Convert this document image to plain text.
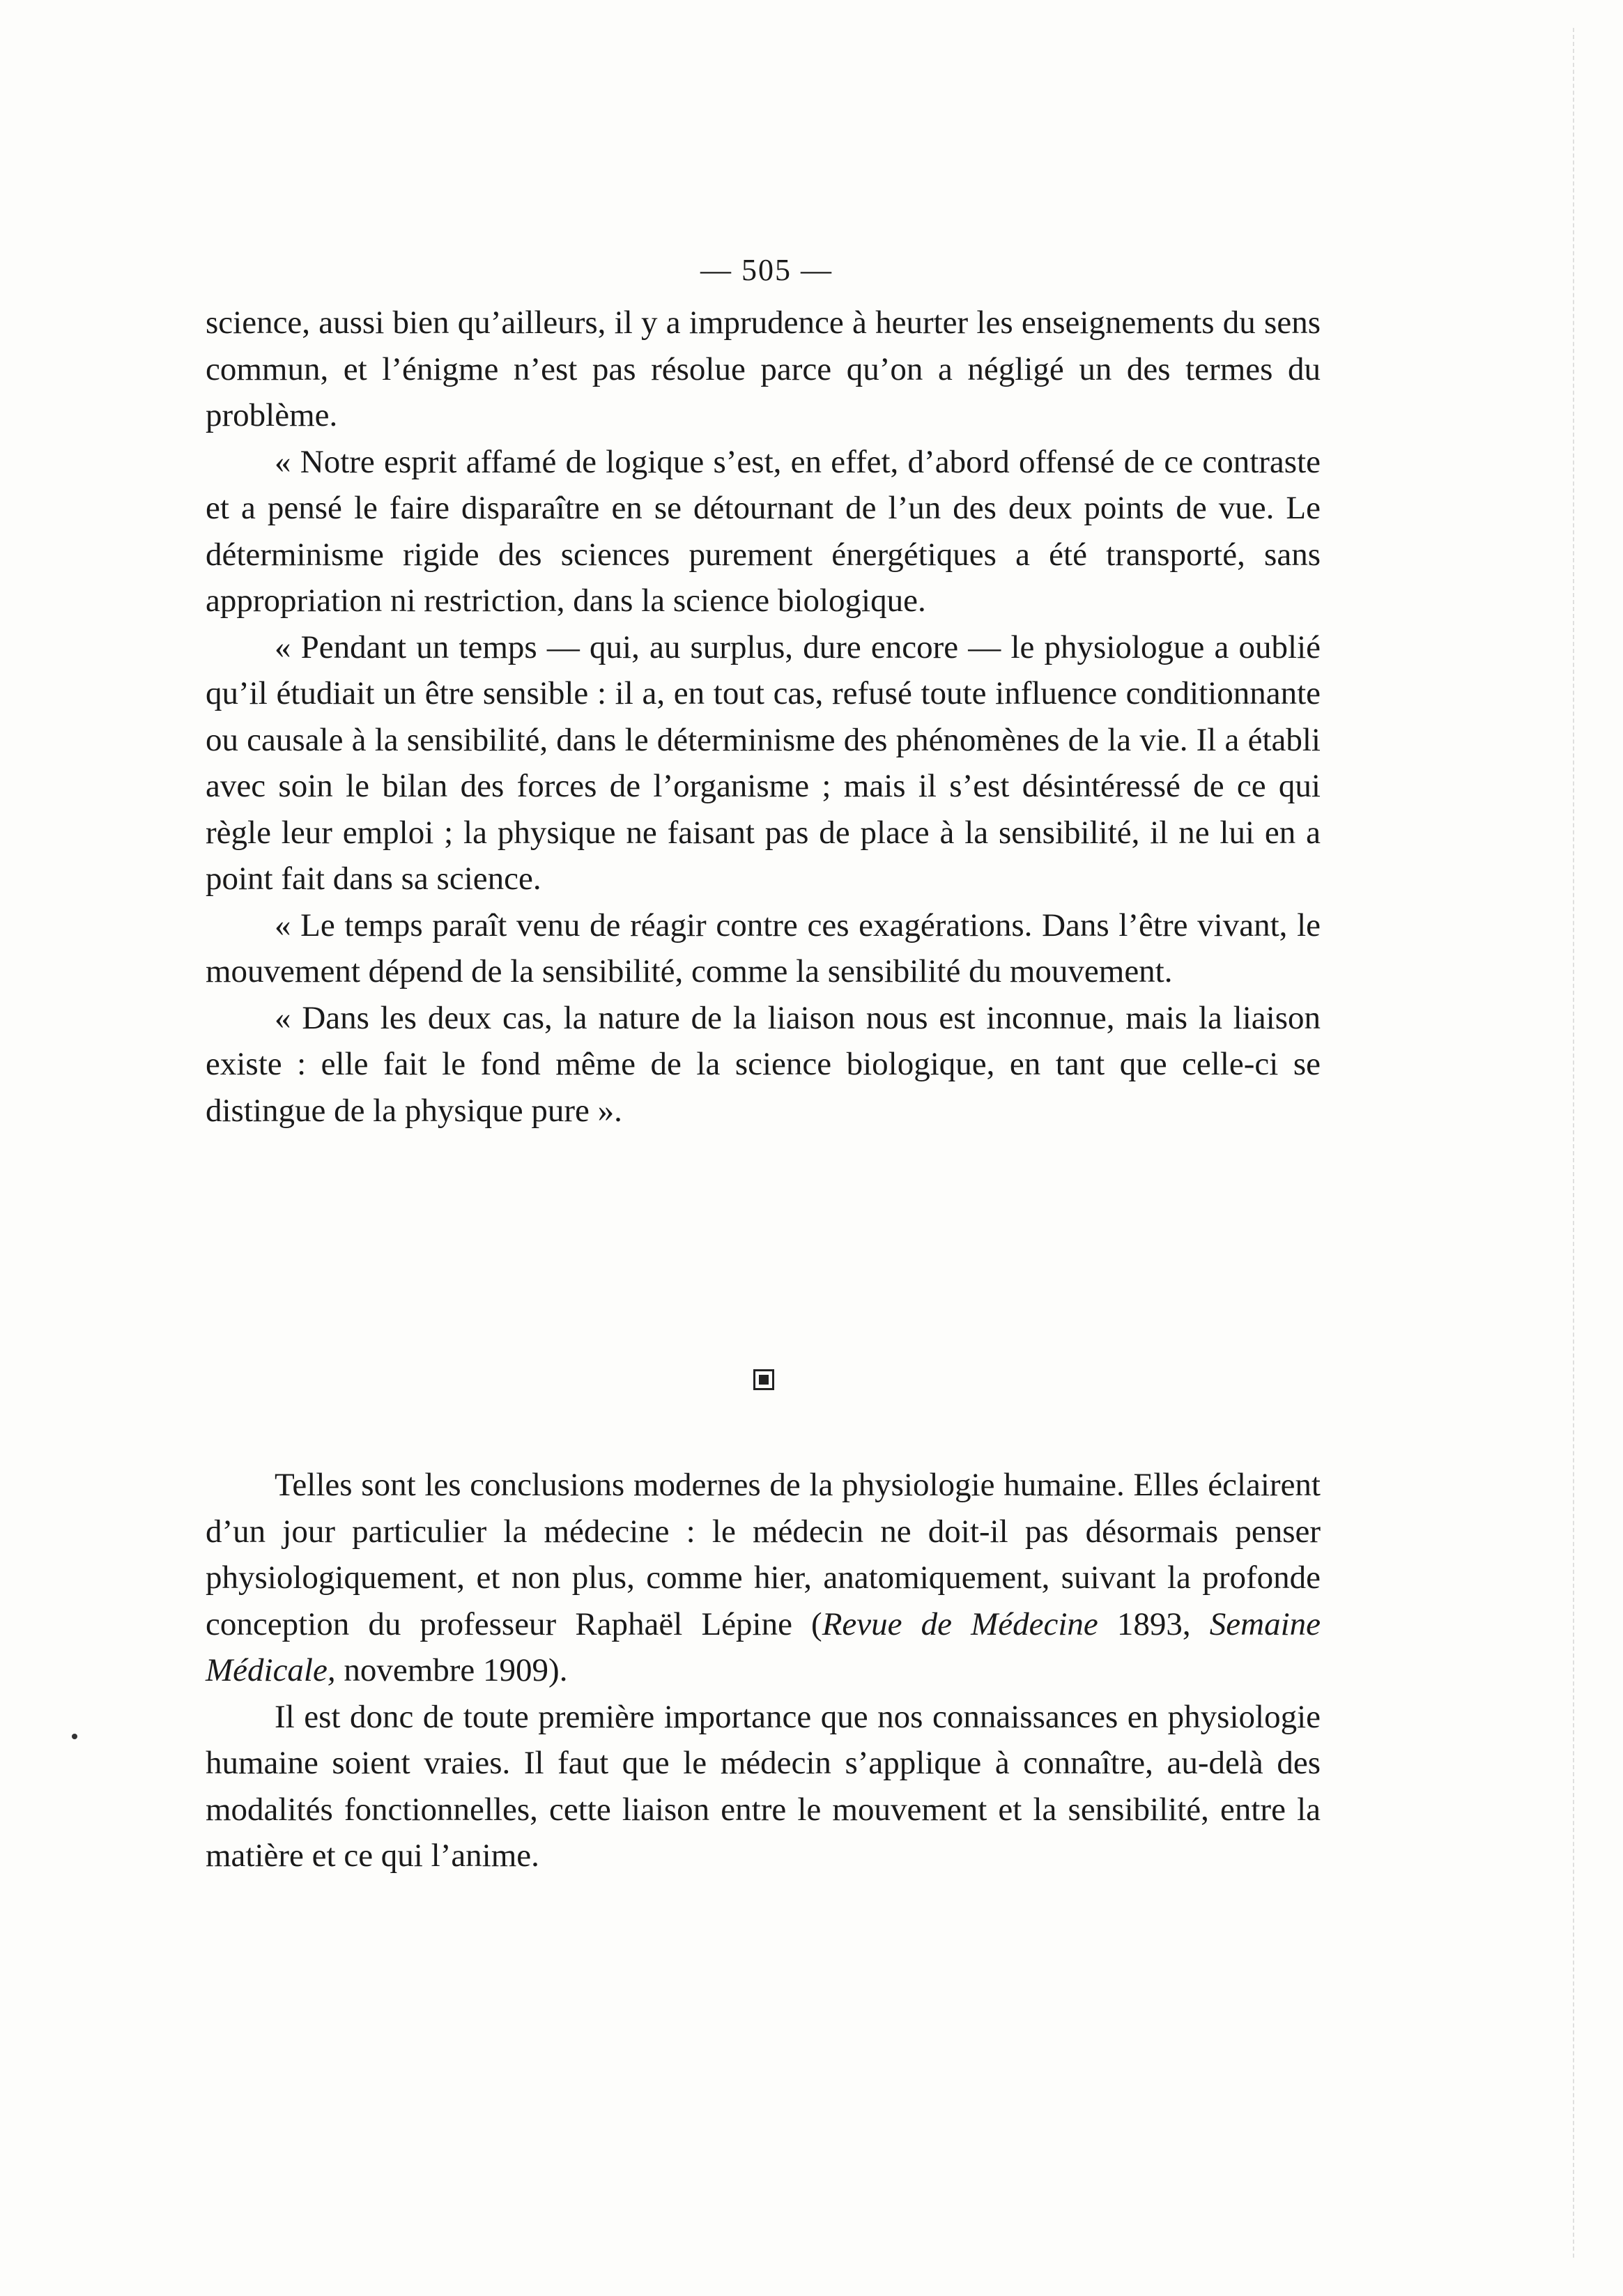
— 505 —

science, aussi bien qu’ailleurs, il y a imprudence à heurter les enseignements du sens commun, et l’énigme n’est pas résolue parce qu’on a négligé un des termes du problème.

« Notre esprit affamé de logique s’est, en effet, d’abord offensé de ce contraste et a pensé le faire disparaître en se détournant de l’un des deux points de vue. Le déterminisme rigide des sciences purement énergétiques a été transporté, sans appropriation ni restriction, dans la science biologique.

« Pendant un temps — qui, au surplus, dure encore — le physiologue a oublié qu’il étudiait un être sensible : il a, en tout cas, refusé toute influence conditionnante ou causale à la sensibilité, dans le déterminisme des phénomènes de la vie. Il a établi avec soin le bilan des forces de l’organisme ; mais il s’est désintéressé de ce qui règle leur emploi ; la physique ne faisant pas de place à la sensibilité, il ne lui en a point fait dans sa science.

« Le temps paraît venu de réagir contre ces exagérations. Dans l’être vivant, le mouvement dépend de la sensibilité, comme la sensibilité du mouvement.

« Dans les deux cas, la nature de la liaison nous est inconnue, mais la liaison existe : elle fait le fond même de la science biologique, en tant que celle-ci se distingue de la physique pure ».

Telles sont les conclusions modernes de la physiologie humaine. Elles éclairent d’un jour particulier la médecine : le médecin ne doit-il pas désormais penser physiologiquement, et non plus, comme hier, anatomiquement, suivant la profonde conception du professeur Raphaël Lépine (Revue de Médecine 1893, Semaine Médicale, novembre 1909).

Il est donc de toute première importance que nos connaissances en physiologie humaine soient vraies. Il faut que le médecin s’applique à connaître, au-delà des modalités fonctionnelles, cette liaison entre le mouvement et la sensibilité, entre la matière et ce qui l’anime.
